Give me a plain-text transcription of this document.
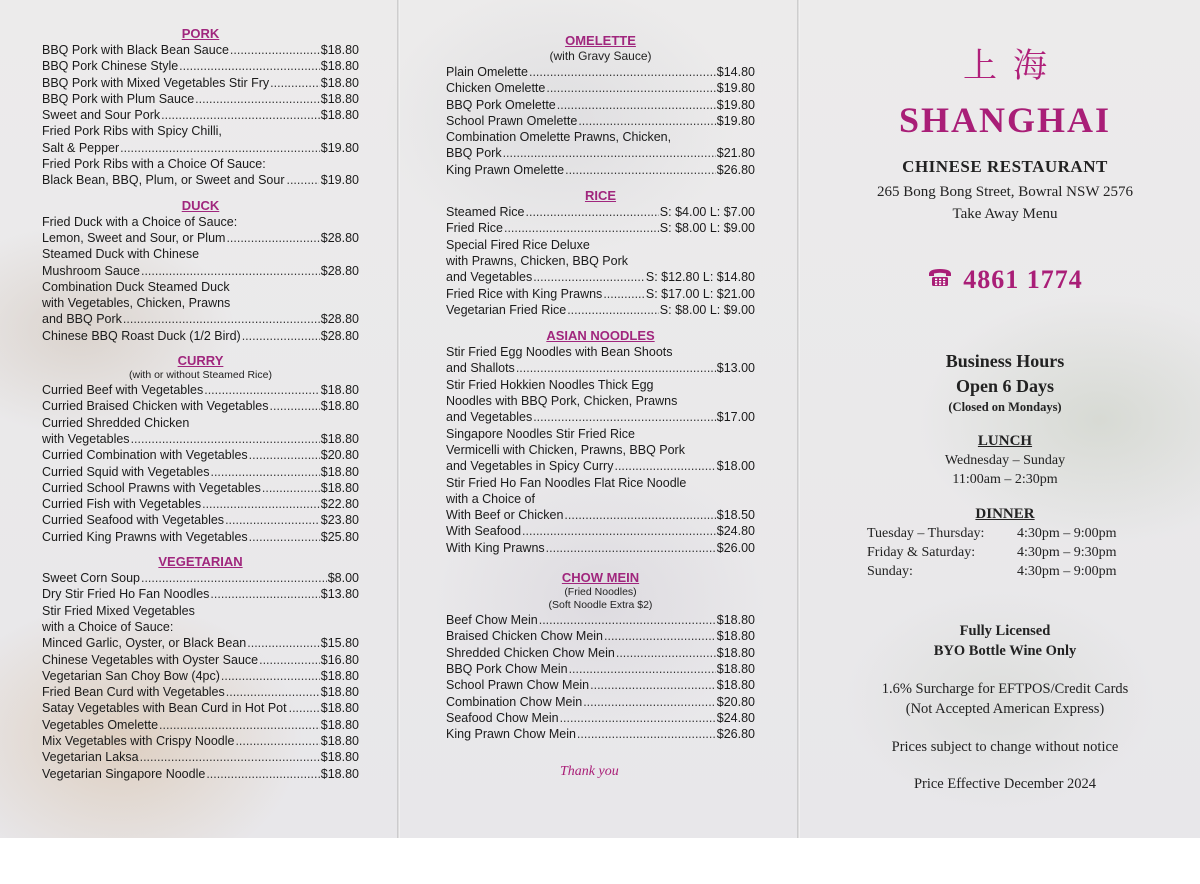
PORK
BBQ Pork with Black Bean Sauce .....	$18.80
BBQ Pork Chinese Style .....	$18.80
BBQ Pork with Mixed Vegetables Stir Fry .....	$18.80
BBQ Pork with Plum Sauce .....	$18.80
Sweet and Sour Pork .....	$18.80
Fried Pork Ribs with Spicy Chilli,
Salt & Pepper .....	$19.80
Fried Pork Ribs with a Choice Of Sauce:
Black Bean, BBQ, Plum, or Sweet and Sour .....	$19.80
DUCK
Fried Duck with a Choice of Sauce:
Lemon, Sweet and Sour, or Plum .....	$28.80
Steamed Duck with Chinese
Mushroom Sauce .....	$28.80
Combination Duck Steamed Duck
with Vegetables, Chicken, Prawns
and BBQ Pork .....	$28.80
Chinese BBQ Roast Duck (1/2 Bird) .....	$28.80
CURRY
(with or without Steamed Rice)
Curried Beef with Vegetables .....	$18.80
Curried Braised Chicken with Vegetables .....	$18.80
Curried Shredded Chicken
with Vegetables .....	$18.80
Curried Combination with Vegetables .....	$20.80
Curried Squid with Vegetables .....	$18.80
Curried School Prawns with Vegetables .....	$18.80
Curried Fish with Vegetables .....	$22.80
Curried Seafood with Vegetables .....	$23.80
Curried King Prawns with Vegetables .....	$25.80
VEGETARIAN
Sweet Corn Soup .....	$8.00
Dry Stir Fried Ho Fan Noodles .....	$13.80
Stir Fried Mixed Vegetables
with a Choice of Sauce:
Minced Garlic, Oyster, or Black Bean .....	$15.80
Chinese Vegetables with Oyster Sauce .....	$16.80
Vegetarian San Choy Bow (4pc) .....	$18.80
Fried Bean Curd with Vegetables .....	$18.80
Satay Vegetables with Bean Curd in Hot Pot .....	$18.80
Vegetables Omelette .....	$18.80
Mix Vegetables with Crispy Noodle .....	$18.80
Vegetarian Laksa .....	$18.80
Vegetarian Singapore Noodle .....	$18.80
OMELETTE
(with Gravy Sauce)
Plain Omelette .....	$14.80
Chicken Omelette .....	$19.80
BBQ Pork Omelette .....	$19.80
School Prawn Omelette .....	$19.80
Combination Omelette Prawns, Chicken,
BBQ Pork .....	$21.80
King Prawn Omelette .....	$26.80
RICE
Steamed Rice .....	S: $4.00 L: $7.00
Fried Rice .....	S: $8.00 L: $9.00
Special Fired Rice Deluxe
with Prawns, Chicken, BBQ Pork
and Vegetables .....	S: $12.80 L: $14.80
Fried Rice with King Prawns .....	S: $17.00 L: $21.00
Vegetarian Fried Rice .....	S: $8.00 L: $9.00
ASIAN NOODLES
Stir Fried Egg Noodles with Bean Shoots
and Shallots .....	$13.00
Stir Fried Hokkien Noodles Thick Egg
Noodles with BBQ Pork, Chicken, Prawns
and Vegetables .....	$17.00
Singapore Noodles Stir Fried Rice
Vermicelli with Chicken, Prawns, BBQ Pork
and Vegetables in Spicy Curry .....	$18.00
Stir Fried Ho Fan Noodles Flat Rice Noodle
with a Choice of
With Beef or Chicken .....	$18.50
With Seafood .....	$24.80
With King Prawns .....	$26.00
CHOW MEIN
(Fried Noodles)
(Soft Noodle Extra $2)
Beef Chow Mein .....	$18.80
Braised Chicken Chow Mein .....	$18.80
Shredded Chicken Chow Mein .....	$18.80
BBQ Pork Chow Mein .....	$18.80
School Prawn Chow Mein .....	$18.80
Combination Chow Mein .....	$20.80
Seafood Chow Mein .....	$24.80
King Prawn Chow Mein .....	$26.80
Thank you
上海
SHANGHAI
CHINESE RESTAURANT
265 Bong Bong Street, Bowral NSW 2576
Take Away Menu
4861 1774
Business Hours
Open 6 Days
(Closed on Mondays)
LUNCH
Wednesday – Sunday
11:00am – 2:30pm
DINNER
Tuesday – Thursday:	4:30pm – 9:00pm
Friday & Saturday:	4:30pm – 9:30pm
Sunday:	4:30pm – 9:00pm
Fully Licensed
BYO Bottle Wine Only
1.6% Surcharge for EFTPOS/Credit Cards
(Not Accepted American Express)
Prices subject to change without notice
Price Effective December 2024
